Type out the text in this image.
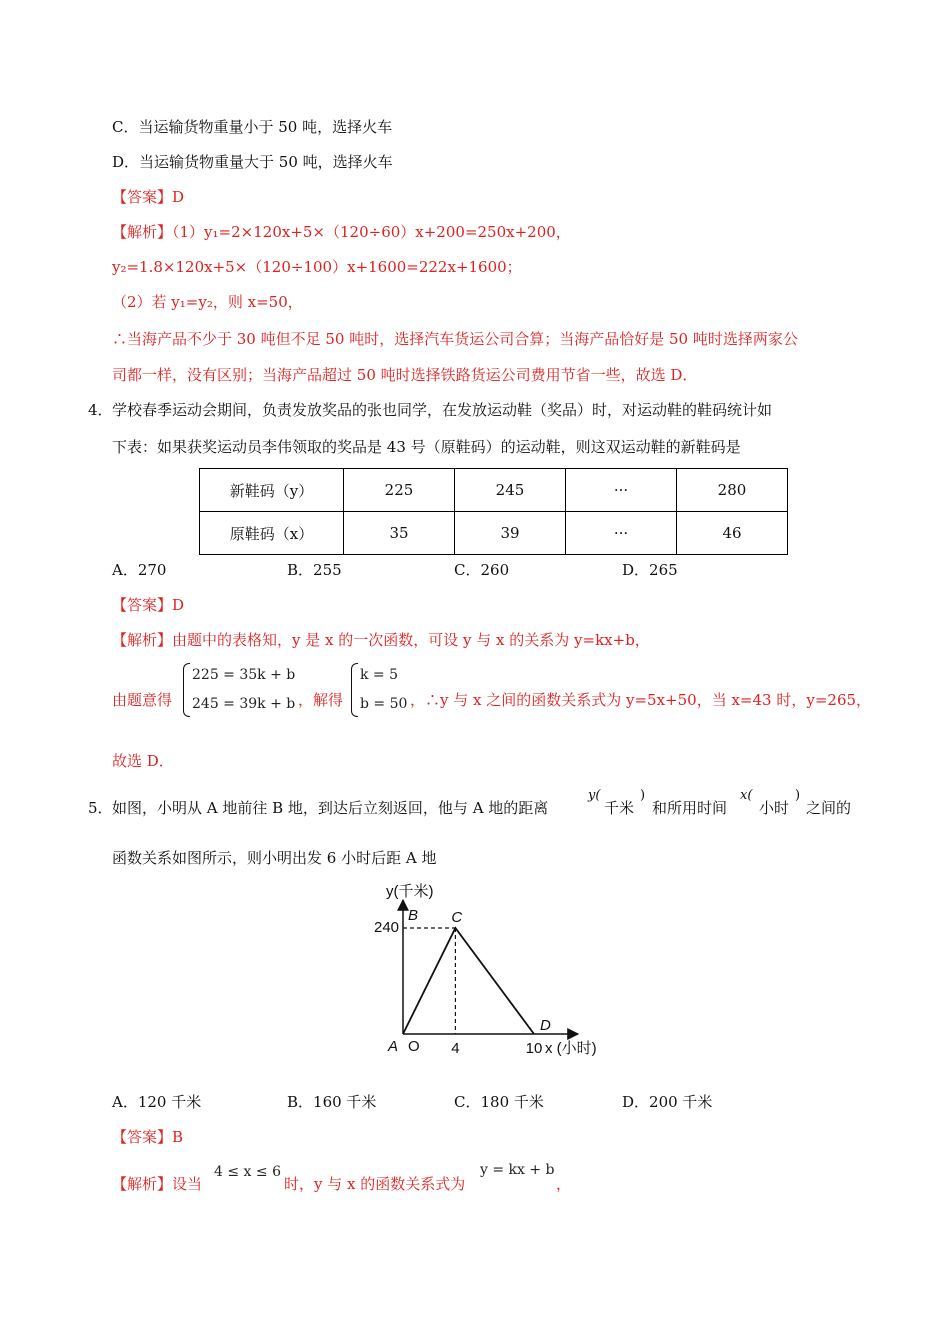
C．当运输货物重量小于 50 吨，选择火车
D．当运输货物重量大于 50 吨，选择火车
【答案】D
【解析】（1）y₁=2×120x+5×（120÷60）x+200=250x+200，
y₂=1.8×120x+5×（120÷100）x+1600=222x+1600；
（2）若 y₁=y₂，则 x=50，
∴当海产品不少于 30 吨但不足 50 吨时，选择汽车货运公司合算；当海产品恰好是 50 吨时选择两家公
司都一样，没有区别；当海产品超过 50 吨时选择铁路货运公司费用节省一些，故选 D．
4． 学校春季运动会期间，负责发放奖品的张也同学，在发放运动鞋（奖品）时，对运动鞋的鞋码统计如
下表：如果获奖运动员李伟领取的奖品是 43 号（原鞋码）的运动鞋，则这双运动鞋的新鞋码是
新鞋码（y）	225	245	···	280
原鞋码（x）	35	39	···	46
A．270	B．255	C．260	D．265
【答案】D
【解析】由题中的表格知，y 是 x 的一次函数，可设 y 与 x 的关系为 y=kx+b，
由题意得
225 = 35k + b
245 = 39k + b ，解得
k = 5
b = 50 ，∴y 与 x 之间的函数关系式为 y=5x+50，当 x=43 时，y=265，
故选 D．
5． 如图，小明从 A 地前往 B 地，到达后立刻返回，他与 A 地的距离
y(
千米
)
和所用时间
x(
小时
)
之间的
函数关系如图所示，则小明出发 6 小时后距 A 地
y(千米)
x (小时)
240
4	10
O
A
B C
D
A．120 千米	B．160 千米	C．180 千米	D．200 千米
【答案】B
【解析】设当
4 ≤ x ≤ 6
时，y 与 x 的函数关系式为
y = kx + b
，
